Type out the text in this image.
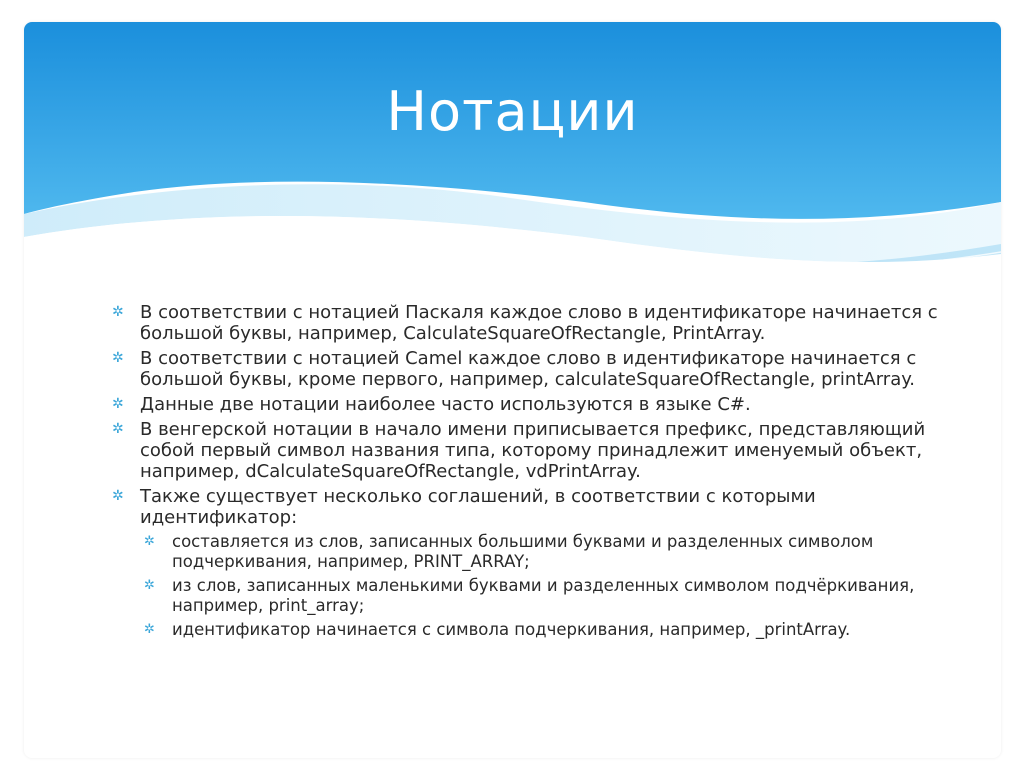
Нотации
✲ В соответствии с нотацией Паскаля каждое слово в идентификаторе начинается с большой буквы, например, CalculateSquareOfRectangle, PrintArray.
✲ В соответствии с нотацией Camel каждое слово в идентификаторе начинается с большой буквы, кроме первого, например, calculateSquareOfRectangle, printArray.
✲ Данные две нотации наиболее часто используются в языке C#.
✲ В венгерской нотации в начало имени приписывается префикс, представляющий собой первый символ названия типа, которому принадлежит именуемый объект, например, dCalculateSquareOfRectangle, vdPrintArray.
✲ Также существует несколько соглашений, в соответствии с которыми идентификатор:
✲ составляется из слов, записанных большими буквами и разделенных символом подчеркивания, например, PRINT_ARRAY;
✲ из слов, записанных маленькими буквами и разделенных символом подчёркивания, например, print_array;
✲ идентификатор начинается с символа подчеркивания, например, _printArray.
